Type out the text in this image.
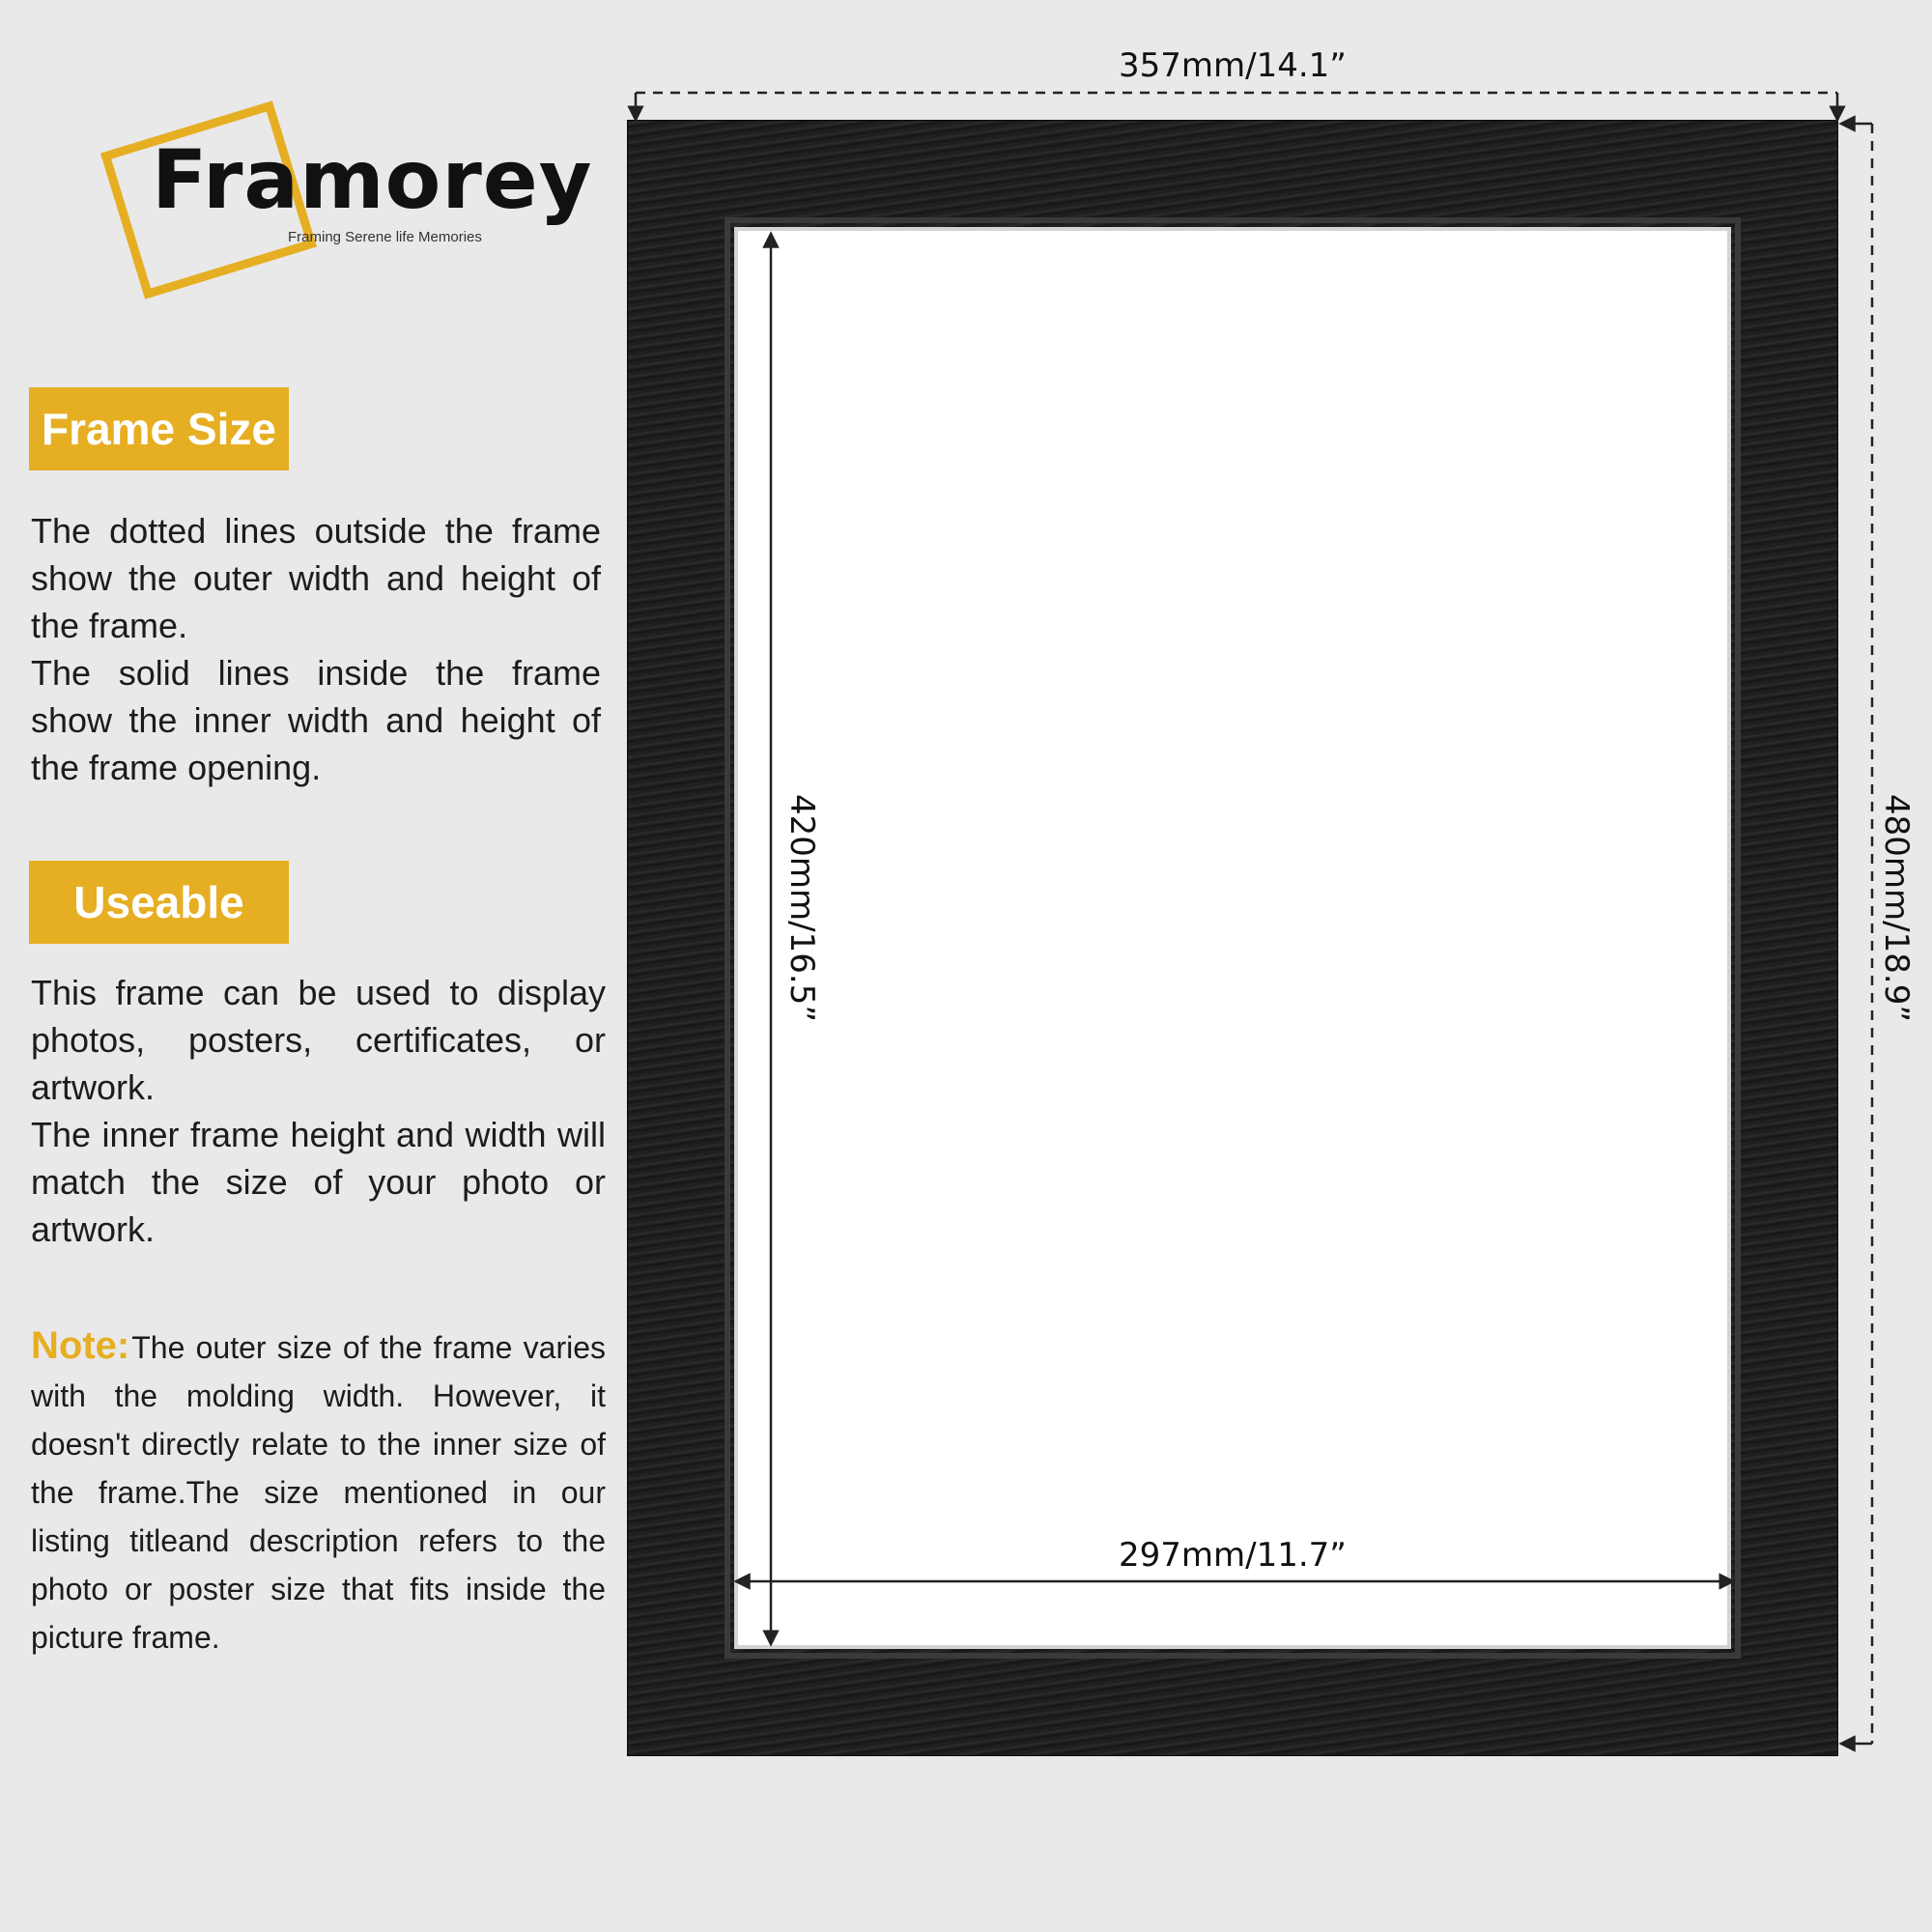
Framorey
Framing Serene life Memories
Frame Size

The dotted lines outside the frame show the outer width and height of the frame.

The solid lines inside the frame show the inner width and height of the frame opening.

Useable

This frame can be used to display photos, posters, certificates, or artwork.

The inner frame height and width will match the size of your photo or artwork.

Note:The outer size of the frame varies with the molding width. However, it doesn't directly relate to the inner size of the frame.The size mentioned in our listing titleand description refers to the photo or poster size that fits inside the picture frame.
357mm/14.1”
297mm/11.7”
420mm/16.5”	480mm/18.9”
